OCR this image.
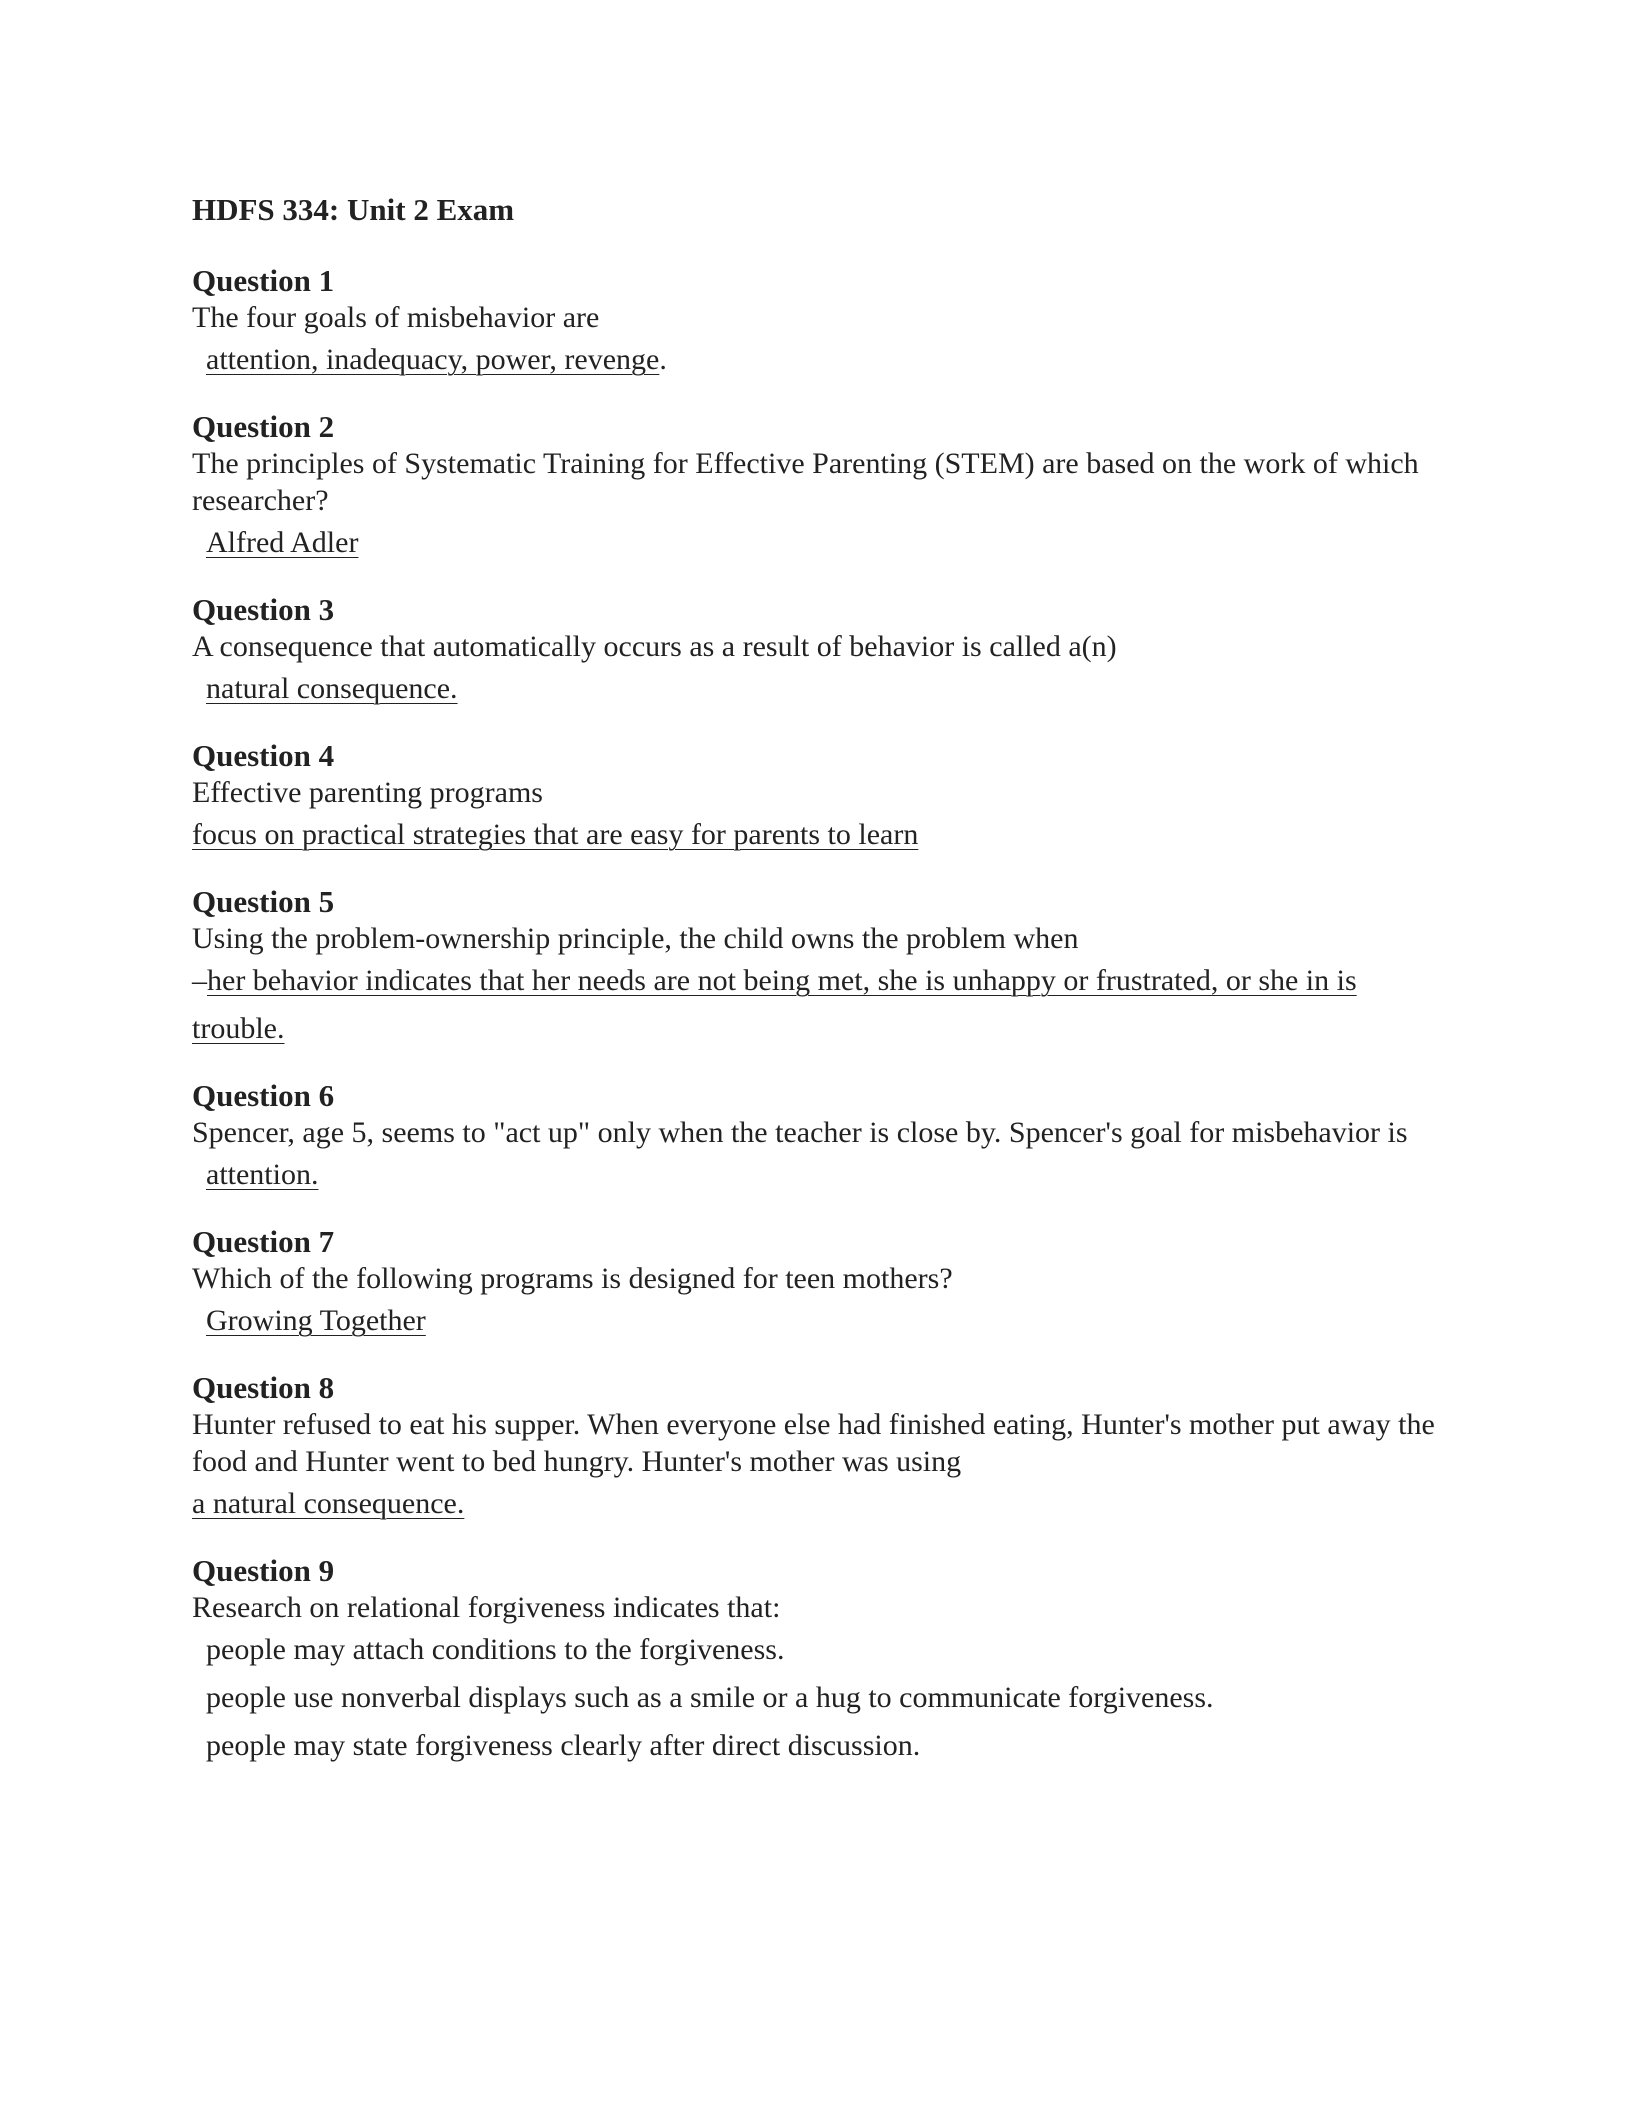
HDFS 334: Unit 2 Exam
Question 1
The four goals of misbehavior are
attention, inadequacy, power, revenge.
Question 2
The principles of Systematic Training for Effective Parenting (STEM) are based on the work of which researcher?
Alfred Adler
Question 3
A consequence that automatically occurs as a result of behavior is called a(n)
natural consequence.
Question 4
Effective parenting programs
focus on practical strategies that are easy for parents to learn
Question 5
Using the problem-ownership principle, the child owns the problem when
–her behavior indicates that her needs are not being met, she is unhappy or frustrated, or she in is trouble.
Question 6
Spencer, age 5, seems to "act up" only when the teacher is close by. Spencer's goal for misbehavior is
attention.
Question 7
Which of the following programs is designed for teen mothers?
Growing Together
Question 8
Hunter refused to eat his supper. When everyone else had finished eating, Hunter's mother put away the food and Hunter went to bed hungry. Hunter's mother was using
a natural consequence.
Question 9
Research on relational forgiveness indicates that:
people may attach conditions to the forgiveness.
people use nonverbal displays such as a smile or a hug to communicate forgiveness.
people may state forgiveness clearly after direct discussion.
